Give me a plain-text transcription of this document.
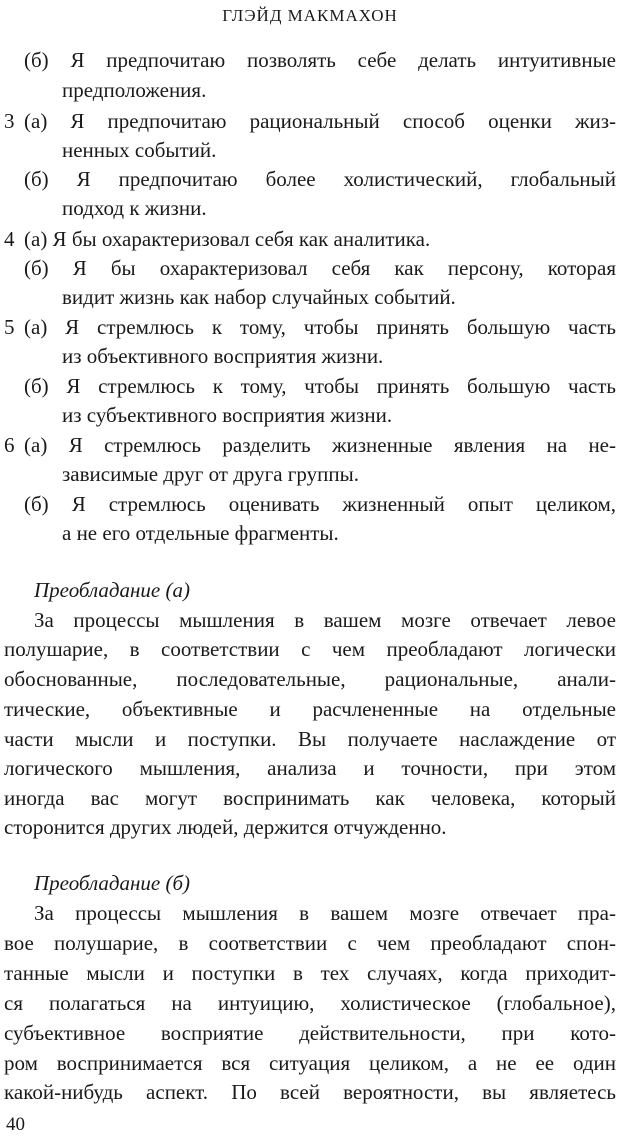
ГЛЭЙД МАКМАХОН
(б) Я предпочитаю позволять себе делать интуитивные
предположения.
3 (а) Я предпочитаю рациональный способ оценки жиз-
ненных событий.
(б) Я предпочитаю более холистический, глобальный
подход к жизни.
4 (а) Я бы охарактеризовал себя как аналитика.
(б) Я бы охарактеризовал себя как персону, которая
видит жизнь как набор случайных событий.
5 (а) Я стремлюсь к тому, чтобы принять большую часть
из объективного восприятия жизни.
(б) Я стремлюсь к тому, чтобы принять большую часть
из субъективного восприятия жизни.
6 (а) Я стремлюсь разделить жизненные явления на не-
зависимые друг от друга группы.
(б) Я стремлюсь оценивать жизненный опыт целиком,
а не его отдельные фрагменты.
Преобладание (а)
За процессы мышления в вашем мозге отвечает левое
полушарие, в соответствии с чем преобладают логически
обоснованные, последовательные, рациональные, анали-
тические, объективные и расчлененные на отдельные
части мысли и поступки. Вы получаете наслаждение от
логического мышления, анализа и точности, при этом
иногда вас могут воспринимать как человека, который
сторонится других людей, держится отчужденно.
Преобладание (б)
За процессы мышления в вашем мозге отвечает пра-
вое полушарие, в соответствии с чем преобладают спон-
танные мысли и поступки в тех случаях, когда приходит-
ся полагаться на интуицию, холистическое (глобальное),
субъективное восприятие действительности, при кото-
ром воспринимается вся ситуация целиком, а не ее один
какой-нибудь аспект. По всей вероятности, вы являетесь
40
